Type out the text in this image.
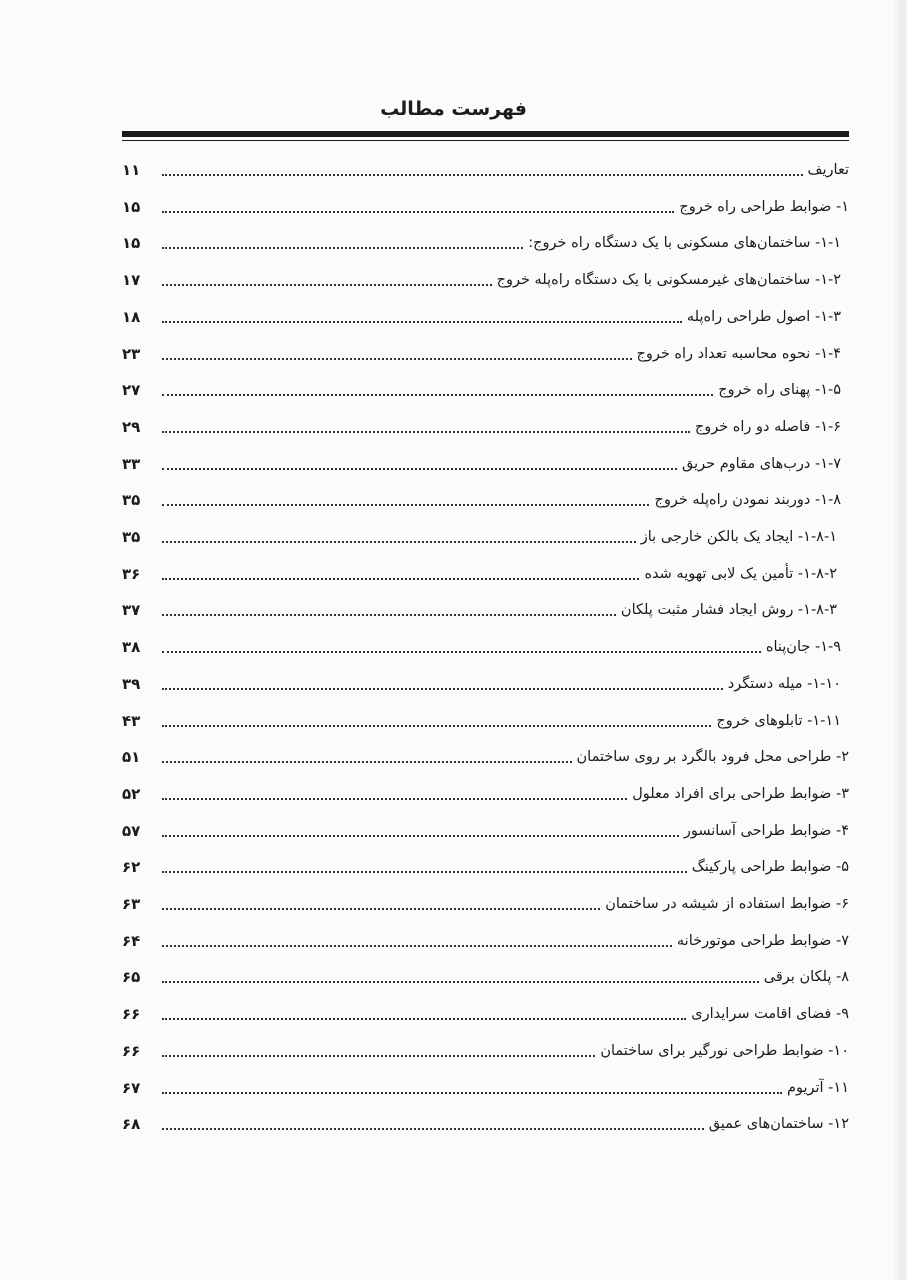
فهرست مطالب
تعاریف
۱۱
۱- ضوابط طراحی راه خروج
۱۵
۱-۱- ساختمان‌های مسکونی با یک دستگاه راه خروج:
۱۵
۱-۲- ساختمان‌های غیرمسکونی با یک دستگاه راه‌پله خروج
۱۷
۱-۳- اصول طراحی راه‌پله
۱۸
۱-۴- نحوه محاسبه تعداد راه خروج
۲۳
۱-۵- پهنای راه خروج
۲۷
۱-۶- فاصله دو راه خروج
۲۹
۱-۷- درب‌های مقاوم حریق
۳۳
۱-۸- دوربند نمودن راه‌پله خروج
۳۵
۱-۸-۱- ایجاد یک بالکن خارجی باز
۳۵
۱-۸-۲- تأمین یک لابی تهویه شده
۳۶
۱-۸-۳- روش ایجاد فشار مثبت پلکان
۳۷
۱-۹- جان‌پناه
۳۸
۱-۱۰- میله دستگرد
۳۹
۱-۱۱- تابلوهای خروج
۴۳
۲- طراحی محل فرود بالگرد بر روی ساختمان
۵۱
۳- ضوابط طراحی برای افراد معلول
۵۲
۴- ضوابط طراحی آسانسور
۵۷
۵- ضوابط طراحی پارکینگ
۶۲
۶- ضوابط استفاده از شیشه در ساختمان
۶۳
۷- ضوابط طراحی موتورخانه
۶۴
۸- پلکان برقی
۶۵
۹- فضای اقامت سرایداری
۶۶
۱۰- ضوابط طراحی نورگیر برای ساختمان
۶۶
۱۱- آتریوم
۶۷
۱۲- ساختمان‌های عمیق
۶۸
